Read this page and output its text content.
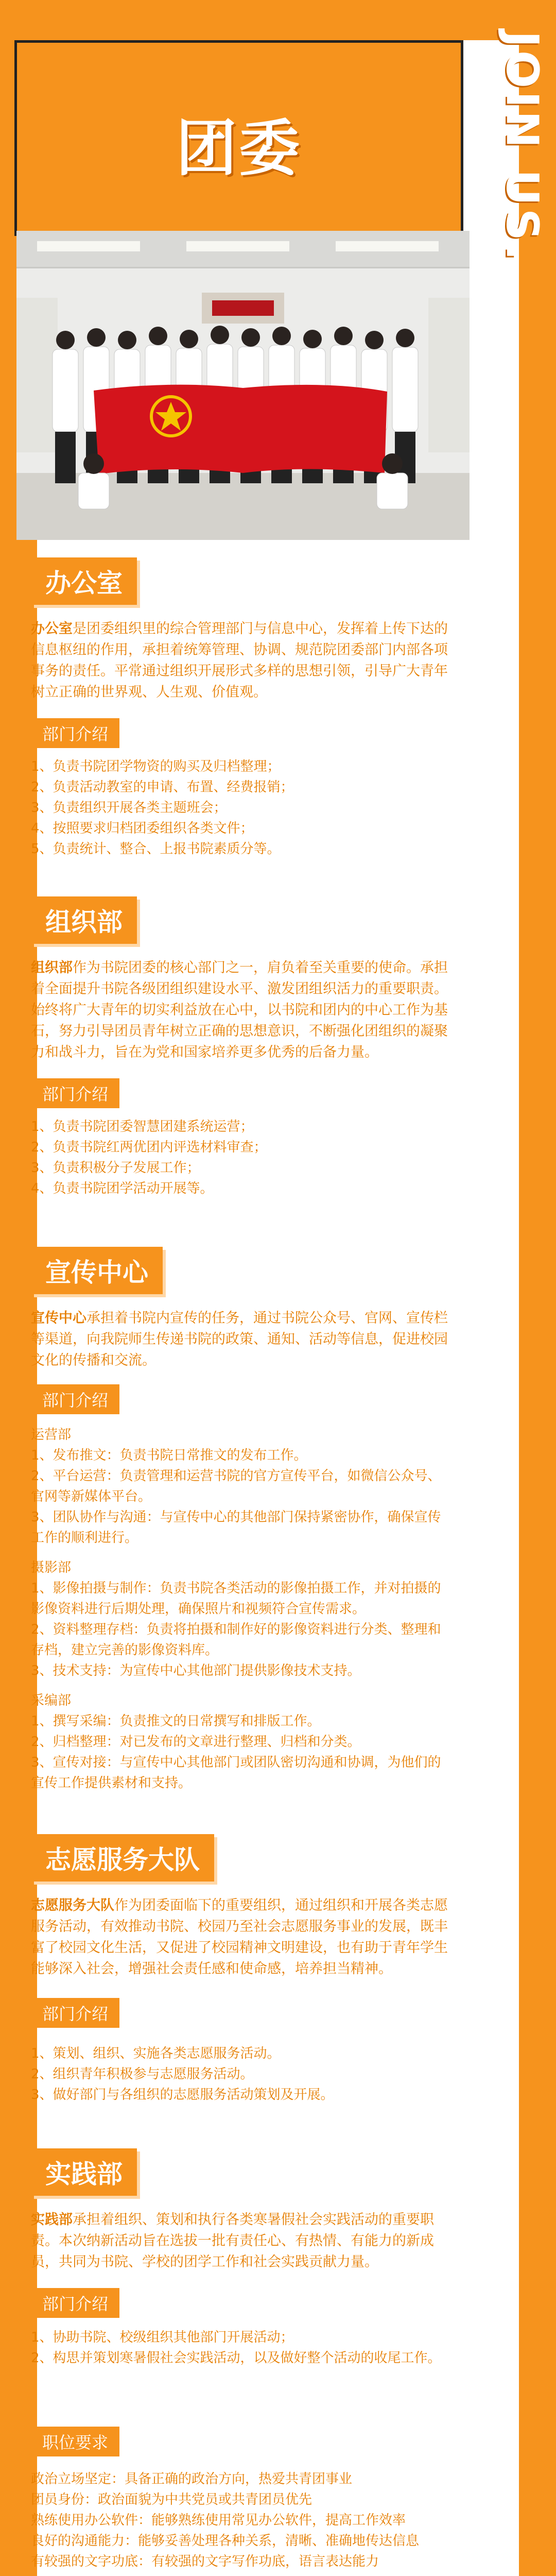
团委	JOIN US.
办公室

办公室是团委组织里的综合管理部门与信息中心，发挥着上传下达的信息枢纽的作用，承担着统筹管理、协调、规范院团委部门内部各项事务的责任。平常通过组织开展形式多样的思想引领，引导广大青年树立正确的世界观、人生观、价值观。

部门介绍
1、负责书院团学物资的购买及归档整理；
2、负责活动教室的申请、布置、经费报销；
3、负责组织开展各类主题班会；
4、按照要求归档团委组织各类文件；
5、负责统计、整合、上报书院素质分等。
组织部

组织部作为书院团委的核心部门之一，肩负着至关重要的使命。承担着全面提升书院各级团组织建设水平、激发团组织活力的重要职责。始终将广大青年的切实利益放在心中，以书院和团内的中心工作为基石，努力引导团员青年树立正确的思想意识，不断强化团组织的凝聚力和战斗力，旨在为党和国家培养更多优秀的后备力量。

部门介绍
1、负责书院团委智慧团建系统运营；
2、负责书院红两优团内评选材料审查；
3、负责积极分子发展工作；
4、负责书院团学活动开展等。
宣传中心

宣传中心承担着书院内宣传的任务，通过书院公众号、官网、宣传栏等渠道，向我院师生传递书院的政策、通知、活动等信息，促进校园文化的传播和交流。

部门介绍
运营部
1、发布推文：负责书院日常推文的发布工作。
2、平台运营：负责管理和运营书院的官方宣传平台，如微信公众号、官网等新媒体平台。
3、团队协作与沟通：与宣传中心的其他部门保持紧密协作，确保宣传工作的顺利进行。
摄影部
1、影像拍摄与制作：负责书院各类活动的影像拍摄工作，并对拍摄的影像资料进行后期处理，确保照片和视频符合宣传需求。
2、资料整理存档：负责将拍摄和制作好的影像资料进行分类、整理和存档，建立完善的影像资料库。
3、技术支持：为宣传中心其他部门提供影像技术支持。
采编部
1、撰写采编：负责推文的日常撰写和排版工作。
2、归档整理：对已发布的文章进行整理、归档和分类。
3、宣传对接：与宣传中心其他部门或团队密切沟通和协调，为他们的宣传工作提供素材和支持。
志愿服务大队

志愿服务大队作为团委面临下的重要组织，通过组织和开展各类志愿服务活动，有效推动书院、校园乃至社会志愿服务事业的发展，既丰富了校园文化生活，又促进了校园精神文明建设，也有助于青年学生能够深入社会，增强社会责任感和使命感，培养担当精神。

部门介绍
1、策划、组织、实施各类志愿服务活动。
2、组织青年积极参与志愿服务活动。
3、做好部门与各组织的志愿服务活动策划及开展。
实践部

实践部承担着组织、策划和执行各类寒暑假社会实践活动的重要职责。本次纳新活动旨在选拔一批有责任心、有热情、有能力的新成员，共同为书院、学校的团学工作和社会实践贡献力量。

部门介绍
1、协助书院、校级组织其他部门开展活动；
2、构思并策划寒暑假社会实践活动，以及做好整个活动的收尾工作。
职位要求
政治立场坚定：具备正确的政治方向，热爱共青团事业
团员身份：政治面貌为中共党员或共青团员优先
熟练使用办公软件：能够熟练使用常见办公软件，提高工作效率
良好的沟通能力：能够妥善处理各种关系，清晰、准确地传达信息
有较强的文字功底：有较强的文字写作功底，语言表达能力
